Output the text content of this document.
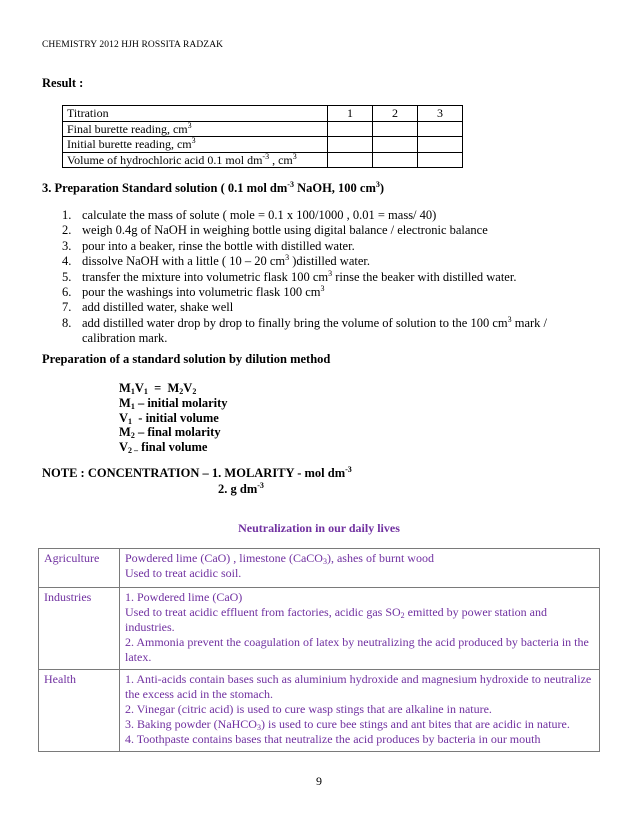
CHEMISTRY 2012 HJH ROSSITA RADZAK
Result :
Titration	1	2	3
Final burette reading, $cm^3$			
Initial burette reading, $cm^3$			
Volume of hydrochloric acid 0.1 mol $dm^{-3}$ , $cm^3$			
3. Preparation Standard solution ( 0.1 mol $dm^{-3}$ NaOH, 100 $cm^3$)
1. calculate the mass of solute ( mole = 0.1 x 100/1000 , 0.01 = mass/ 40)
2. weigh 0.4g of NaOH in weighing bottle using digital balance / electronic balance
3. pour into a beaker, rinse the bottle with distilled water.
4. dissolve NaOH with a little ( 10 – 20 $cm^3$ )distilled water.
5. transfer the mixture into volumetric flask 100 $cm^3$ rinse the beaker with distilled water.
6. pour the washings into volumetric flask 100 $cm^3$
7. add distilled water, shake well
8. add distilled water drop by drop to finally bring the volume of solution to the 100 $cm^3$ mark / calibration mark.
Preparation of a standard solution by dilution method
$M_1V_1 = M_2V_2$
$M_1$ – initial molarity
$V_1$  - initial volume
$M_2$ – final molarity
$V_{2 -}$ final volume
NOTE : CONCENTRATION – 1. MOLARITY - mol $dm^{-3}$
2. g $dm^{-3}$
Neutralization in our daily lives
Agriculture	Powdered lime (CaO) , limestone (CaCO$_3$), ashes of burnt wood
Used to treat acidic soil.

Industries	1. Powdered lime (CaO)
Used to treat acidic effluent from factories, acidic gas $SO_2$ emitted by power station and industries.
2. Ammonia prevent the coagulation of latex by neutralizing the acid produced by bacteria in the latex.

Health	1. Anti-acids contain bases such as aluminium hydroxide and magnesium hydroxide to neutralize the excess acid in the stomach.
2. Vinegar (citric acid) is used to cure wasp stings that are alkaline in nature.
3. Baking powder (NaHCO$_3$) is used to cure bee stings and ant bites that are acidic in nature.
4. Toothpaste contains bases that neutralize the acid produces by bacteria in our mouth
9
